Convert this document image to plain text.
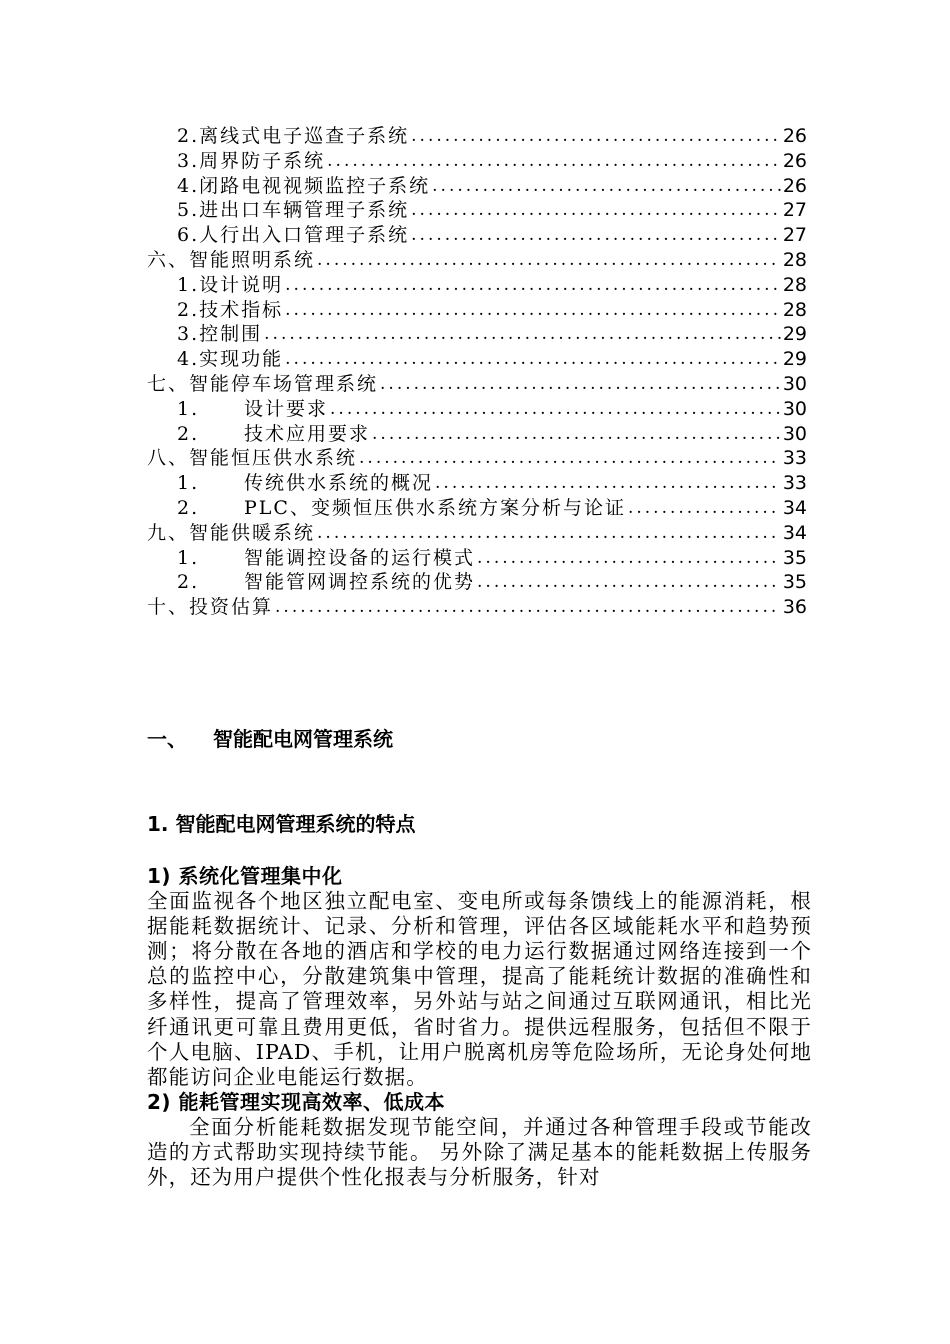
2. 离线式电子巡查子系统 .....	26
3. 周界防子系统 .....	26
4. 闭路电视视频监控子系统 .....	26
5. 进出口车辆管理子系统 .....	27
6. 人行出入口管理子系统 .....	27
六、 智能照明系统 .....	28
1. 设计说明 .....	28
2. 技术指标 .....	28
3. 控制围 .....	29
4. 实现功能 .....	29
七、 智能停车场管理系统 .....	30
1.	设计要求 .....	30
2.	技术应用要求 .....	30
八、 智能恒压供水系统 .....	33
1.	传统供水系统的概况 .....	33
2.	PLC、变频恒压供水系统方案分析与论证 .....	34
九、 智能供暖系统 .....	34
1.	智能调控设备的运行模式 .....	35
2.	智能管网调控系统的优势 .....	35
十、 投资估算 .....	36
一、 智能配电网管理系统
1. 智能配电网管理系统的特点
1) 系统化管理集中化

全面监视各个地区独立配电室、变电所或每条馈线上的能源消耗，根据能耗数据统计、记录、分析和管理，评估各区域能耗水平和趋势预测；将分散在各地的酒店和学校的电力运行数据通过网络连接到一个总的监控中心，分散建筑集中管理，提高了能耗统计数据的准确性和多样性，提高了管理效率，另外站与站之间通过互联网通讯，相比光纤通讯更可靠且费用更低，省时省力。提供远程服务，包括但不限于个人电脑、IPAD、手机，让用户脱离机房等危险场所，无论身处何地都能访问企业电能运行数据。

2) 能耗管理实现高效率、低成本

全面分析能耗数据发现节能空间，并通过各种管理手段或节能改造的方式帮助实现持续节能。 另外除了满足基本的能耗数据上传服务外，还为用户提供个性化报表与分析服务，针对
